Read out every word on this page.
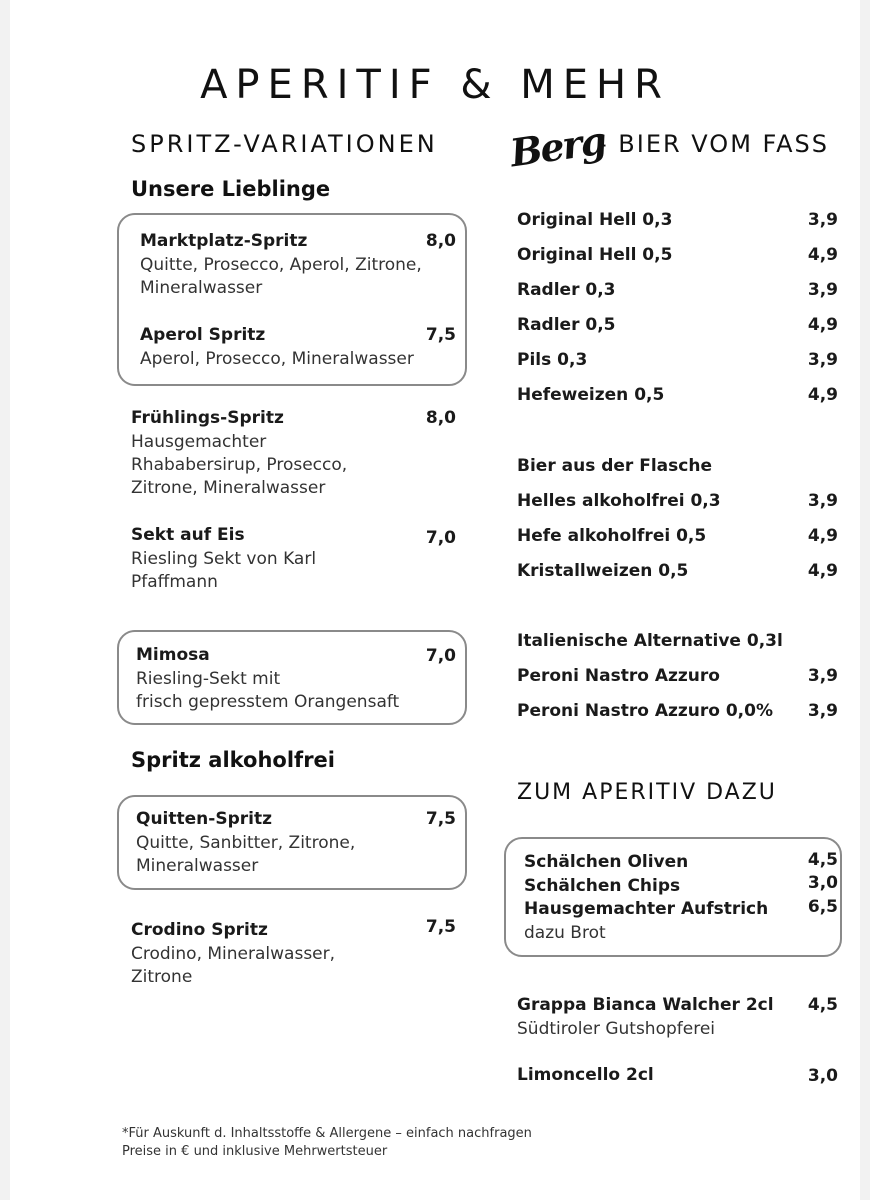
APERITIF & MEHR
SPRITZ-VARIATIONEN
Unsere Lieblinge
Marktplatz-Spritz	8,0
Quitte, Prosecco, Aperol, Zitrone,
Mineralwasser
Aperol Spritz	7,5
Aperol, Prosecco, Mineralwasser
Frühlings-Spritz	8,0
Hausgemachter
Rhababersirup, Prosecco,
Zitrone, Mineralwasser
Sekt auf Eis	7,0
Riesling Sekt von Karl
Pfaffmann
Mimosa	7,0
Riesling-Sekt mit
frisch gepresstem Orangensaft
Spritz alkoholfrei
Quitten-Spritz	7,5
Quitte, Sanbitter, Zitrone,
Mineralwasser
Crodino Spritz	7,5
Crodino, Mineralwasser,
Zitrone
Berg
- BIER VOM FASS
Original Hell 0,3	3,9
Original Hell 0,5	4,9
Radler 0,3	3,9
Radler 0,5	4,9
Pils 0,3	3,9
Hefeweizen 0,5	4,9
Bier aus der Flasche
Helles alkoholfrei 0,3	3,9
Hefe alkoholfrei 0,5	4,9
Kristallweizen 0,5	4,9
Italienische Alternative 0,3l
Peroni Nastro Azzuro	3,9
Peroni Nastro Azzuro 0,0%	3,9
ZUM APERITIV DAZU
Schälchen Oliven	4,5
Schälchen Chips	3,0
Hausgemachter Aufstrich	6,5
dazu Brot
Grappa Bianca Walcher 2cl	4,5
Südtiroler Gutshopferei
Limoncello 2cl	3,0
*Für Auskunft d. Inhaltsstoffe & Allergene – einfach nachfragen
Preise in € und inklusive Mehrwertsteuer
